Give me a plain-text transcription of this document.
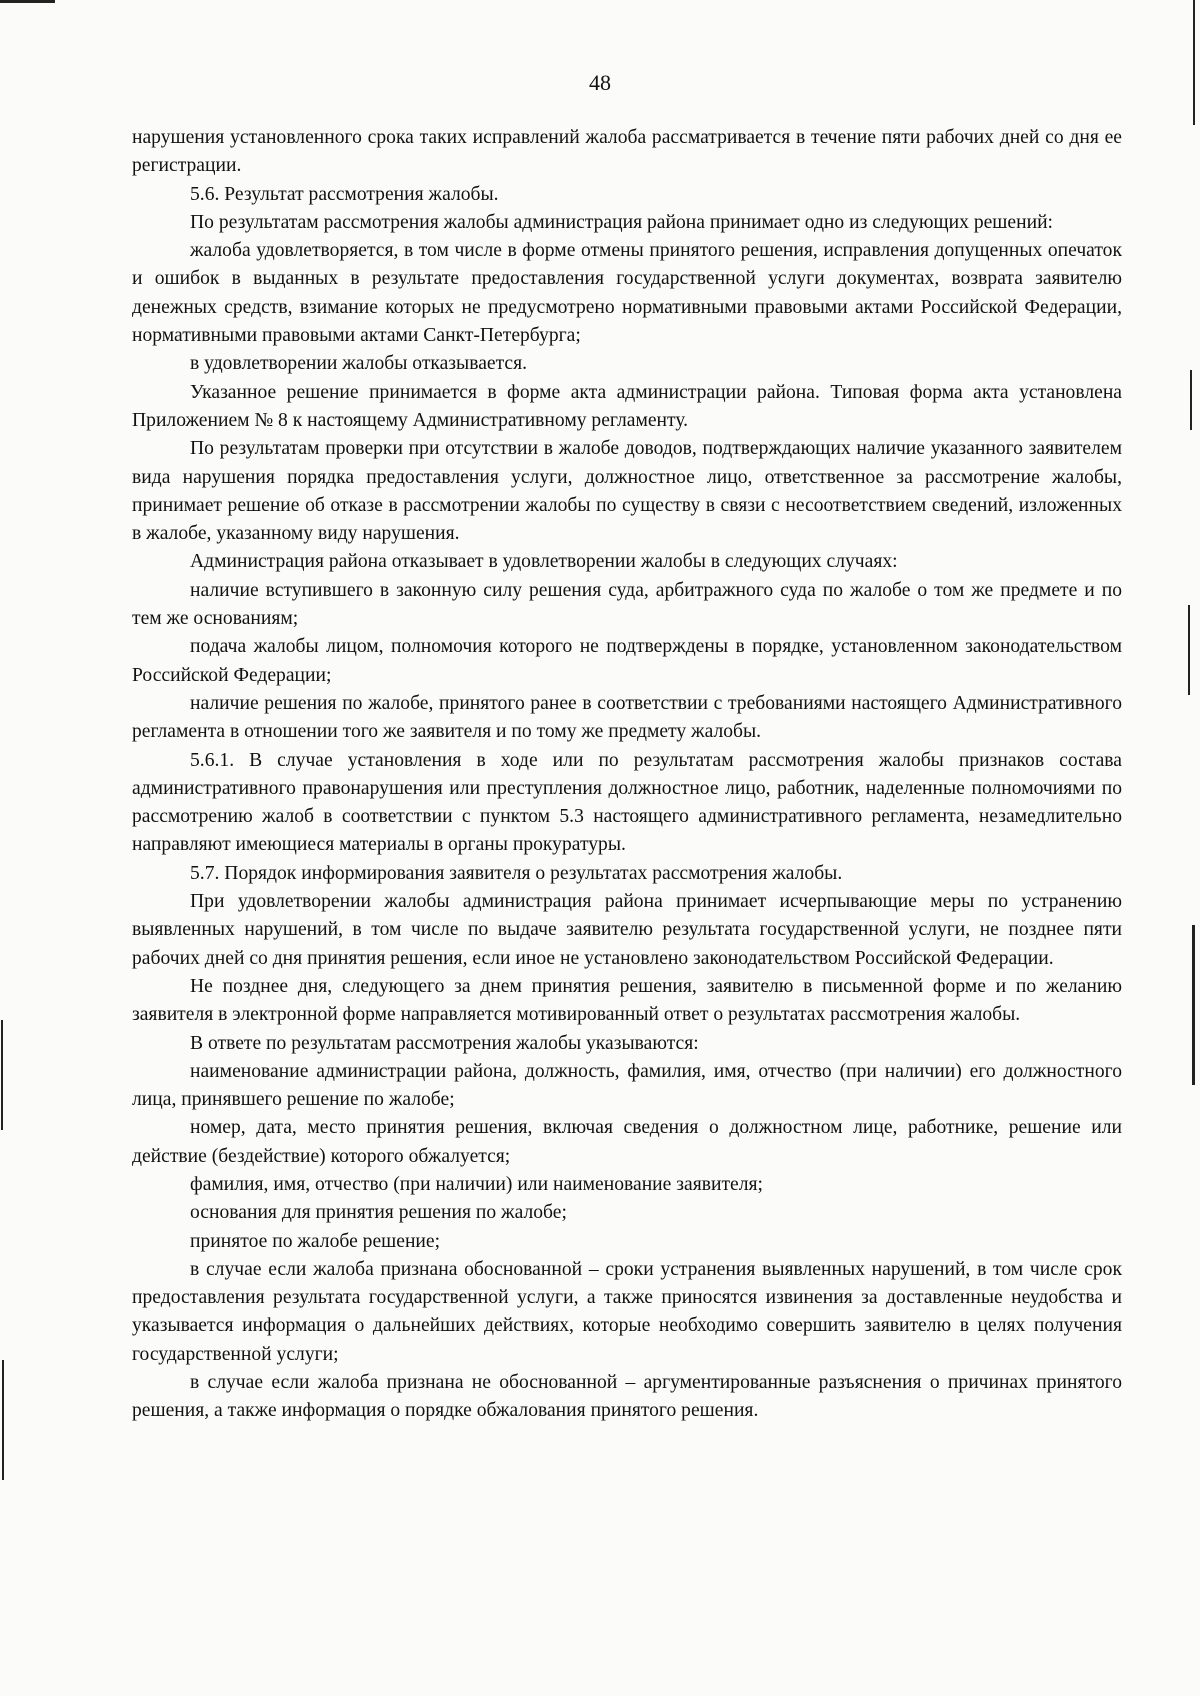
48

нарушения установленного срока таких исправлений жалоба рассматривается в течение пяти рабочих дней со дня ее регистрации.

5.6. Результат рассмотрения жалобы.

По результатам рассмотрения жалобы администрация района принимает одно из следующих решений:

жалоба удовлетворяется, в том числе в форме отмены принятого решения, исправления допущенных опечаток и ошибок в выданных в результате предоставления государственной услуги документах, возврата заявителю денежных средств, взимание которых не предусмотрено нормативными правовыми актами Российской Федерации, нормативными правовыми актами Санкт-Петербурга;

в удовлетворении жалобы отказывается.

Указанное решение принимается в форме акта администрации района. Типовая форма акта установлена Приложением № 8 к настоящему Административному регламенту.

По результатам проверки при отсутствии в жалобе доводов, подтверждающих наличие указанного заявителем вида нарушения порядка предоставления услуги, должностное лицо, ответственное за рассмотрение жалобы, принимает решение об отказе в рассмотрении жалобы по существу в связи с несоответствием сведений, изложенных в жалобе, указанному виду нарушения.

Администрация района отказывает в удовлетворении жалобы в следующих случаях:

наличие вступившего в законную силу решения суда, арбитражного суда по жалобе о том же предмете и по тем же основаниям;

подача жалобы лицом, полномочия которого не подтверждены в порядке, установленном законодательством Российской Федерации;

наличие решения по жалобе, принятого ранее в соответствии с требованиями настоящего Административного регламента в отношении того же заявителя и по тому же предмету жалобы.

5.6.1. В случае установления в ходе или по результатам рассмотрения жалобы признаков состава административного правонарушения или преступления должностное лицо, работник, наделенные полномочиями по рассмотрению жалоб в соответствии с пунктом 5.3 настоящего административного регламента, незамедлительно направляют имеющиеся материалы в органы прокуратуры.

5.7. Порядок информирования заявителя о результатах рассмотрения жалобы.

При удовлетворении жалобы администрация района принимает исчерпывающие меры по устранению выявленных нарушений, в том числе по выдаче заявителю результата государственной услуги, не позднее пяти рабочих дней со дня принятия решения, если иное не установлено законодательством Российской Федерации.

Не позднее дня, следующего за днем принятия решения, заявителю в письменной форме и по желанию заявителя в электронной форме направляется мотивированный ответ о результатах рассмотрения жалобы.

В ответе по результатам рассмотрения жалобы указываются:

наименование администрации района, должность, фамилия, имя, отчество (при наличии) его должностного лица, принявшего решение по жалобе;

номер, дата, место принятия решения, включая сведения о должностном лице, работнике, решение или действие (бездействие) которого обжалуется;

фамилия, имя, отчество (при наличии) или наименование заявителя;

основания для принятия решения по жалобе;

принятое по жалобе решение;

в случае если жалоба признана обоснованной – сроки устранения выявленных нарушений, в том числе срок предоставления результата государственной услуги, а также приносятся извинения за доставленные неудобства и указывается информация о дальнейших действиях, которые необходимо совершить заявителю в целях получения государственной услуги;

в случае если жалоба признана не обоснованной – аргументированные разъяснения о причинах принятого решения, а также информация о порядке обжалования принятого решения.
